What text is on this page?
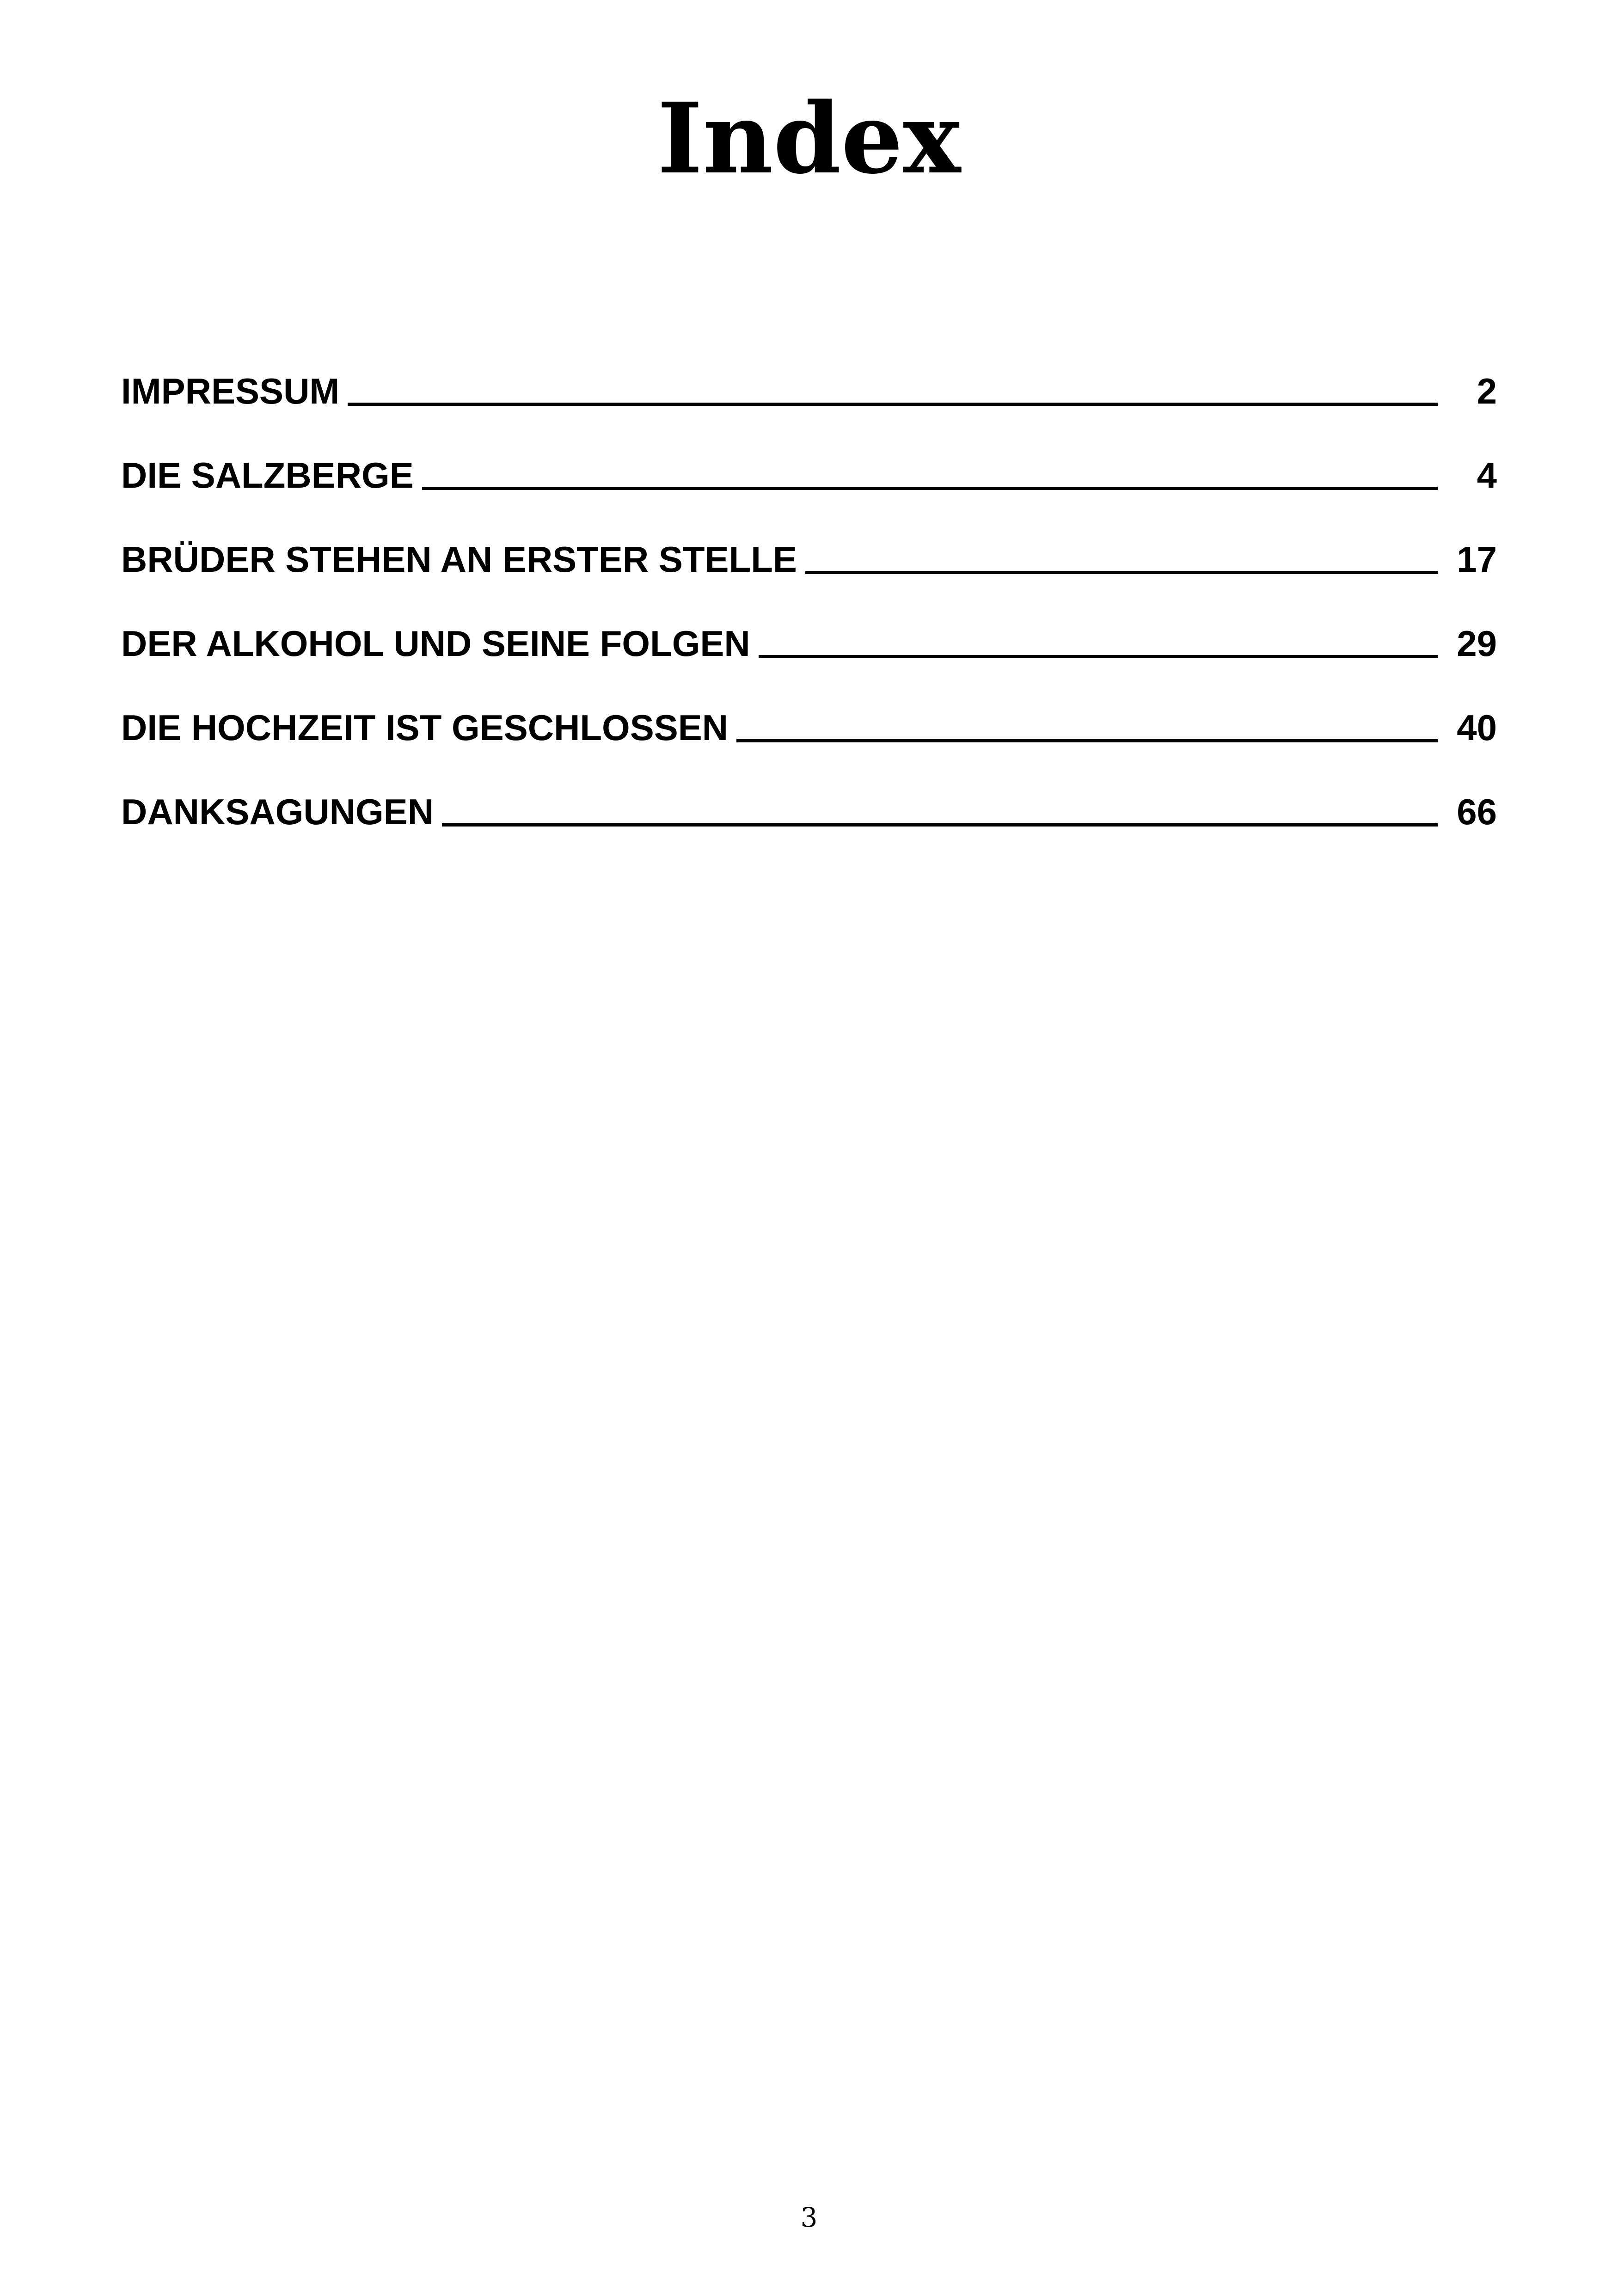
Index
IMPRESSUM	2
DIE SALZBERGE	4
BRÜDER STEHEN AN ERSTER STELLE	17
DER ALKOHOL UND SEINE FOLGEN	29
DIE HOCHZEIT IST GESCHLOSSEN	40
DANKSAGUNGEN	66
3
